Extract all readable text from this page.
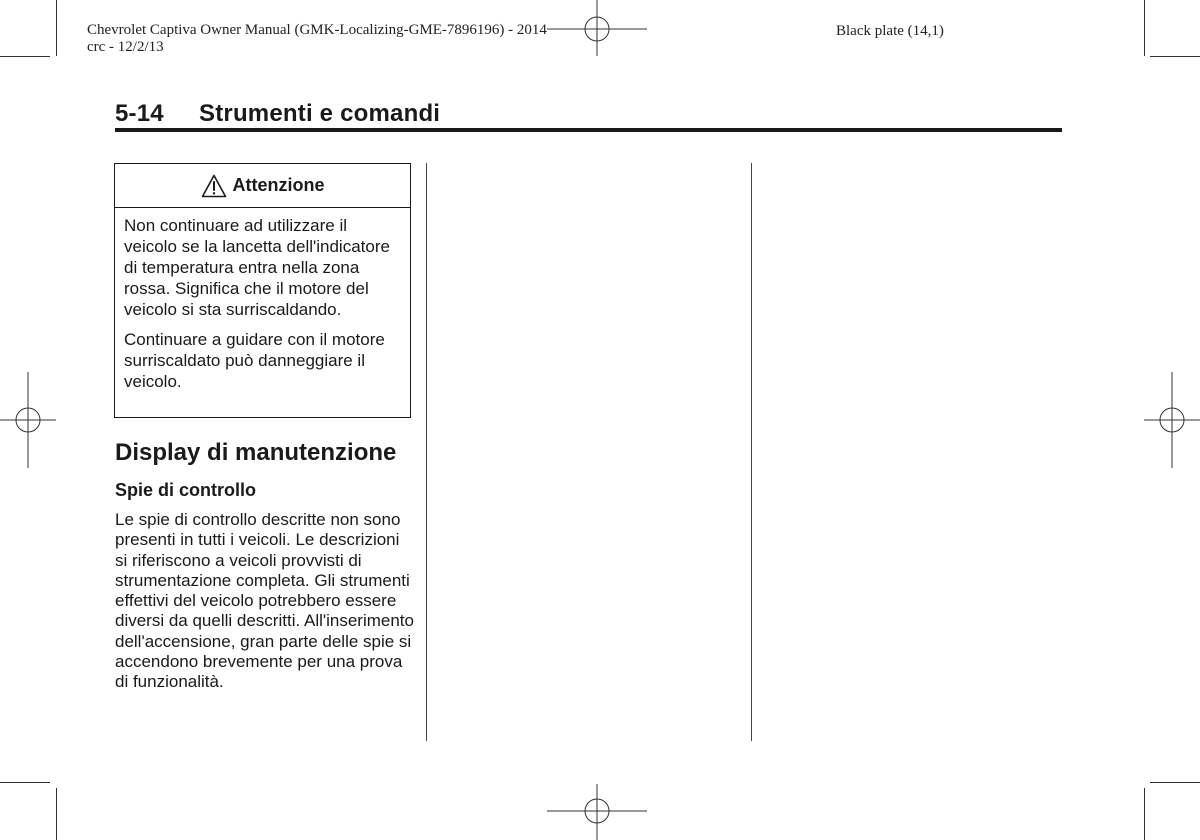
Chevrolet Captiva Owner Manual (GMK-Localizing-GME-7896196) - 2014
crc - 12/2/13
Black plate (14,1)
5-14 Strumenti e comandi
Attenzione

Non continuare ad utilizzare il veicolo se la lancetta dell'indicatore di temperatura entra nella zona rossa. Significa che il motore del veicolo si sta surriscaldando.

Continuare a guidare con il motore surriscaldato può danneggiare il veicolo.

Display di manutenzione
Spie di controllo
Le spie di controllo descritte non sono presenti in tutti i veicoli. Le descrizioni si riferiscono a veicoli provvisti di strumentazione completa. Gli strumenti effettivi del veicolo potrebbero essere diversi da quelli descritti. All'inserimento dell'accensione, gran parte delle spie si accendono brevemente per una prova di funzionalità.
